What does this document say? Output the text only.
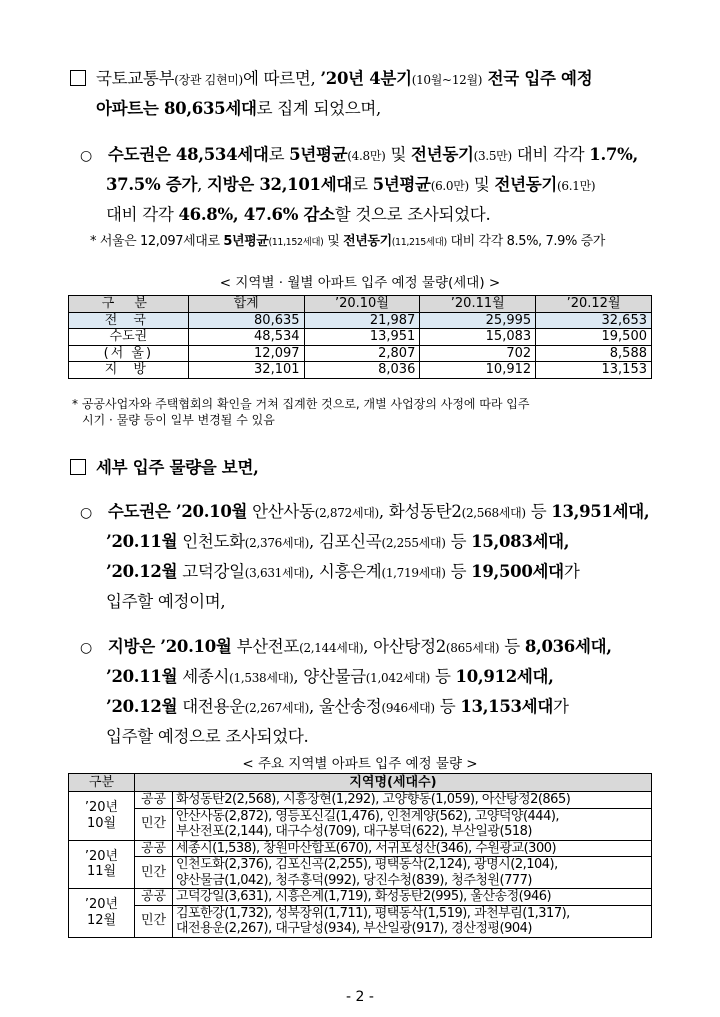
국토교통부(장관 김현미)에 따르면, ’20년 4분기(10월~12월) 전국 입주 예정
아파트는 80,635세대로 집계 되었으며,
○ 수도권은 48,534세대로 5년평균(4.8만) 및 전년동기(3.5만) 대비 각각 1.7%,
37.5% 증가, 지방은 32,101세대로 5년평균(6.0만) 및 전년동기(6.1만)
대비 각각 46.8%, 47.6% 감소할 것으로 조사되었다.
* 서울은 12,097세대로 5년평균(11,152세대) 및 전년동기(11,215세대) 대비 각각 8.5%, 7.9% 증가
< 지역별 · 월별 아파트 입주 예정 물량(세대) >
구 분	합계	’20.10월	’20.11월	’20.12월
전 국	80,635	21,987	25,995	32,653
수도권	48,534	13,951	15,083	19,500
(서 울)	12,097	2,807	702	8,588
지 방	32,101	8,036	10,912	13,153
* 공공사업자와 주택협회의 확인을 거쳐 집계한 것으로, 개별 사업장의 사정에 따라 입주
시기 · 물량 등이 일부 변경될 수 있음
세부 입주 물량을 보면,
○ 수도권은 ’20.10월 안산사동(2,872세대), 화성동탄2(2,568세대) 등 13,951세대,
’20.11월 인천도화(2,376세대), 김포신곡(2,255세대) 등 15,083세대,
’20.12월 고덕강일(3,631세대), 시흥은계(1,719세대) 등 19,500세대가
입주할 예정이며,
○ 지방은 ’20.10월 부산전포(2,144세대), 아산탕정2(865세대) 등 8,036세대,
’20.11월 세종시(1,538세대), 양산물금(1,042세대) 등 10,912세대,
’20.12월 대전용운(2,267세대), 울산송정(946세대) 등 13,153세대가
입주할 예정으로 조사되었다.
< 주요 지역별 아파트 입주 예정 물량 >
구분	지역명(세대수)	

’20년
10월	공공	화성동탄2(2,568), 시흥장현(1,292), 고양향동(1,059), 아산탕정2(865)
	민간	안산사동(2,872), 영등포신길(1,476), 인천계양(562), 고양덕양(444),
부산전포(2,144), 대구수성(709), 대구봉덕(622), 부산일광(518)

’20년
11월	공공	세종시(1,538), 창원마산합포(670), 서귀포성산(346), 수원광교(300)
	민간	인천도화(2,376), 김포신곡(2,255), 평택동삭(2,124), 광명시(2,104),
양산물금(1,042), 청주흥덕(992), 당진수청(839), 청주청원(777)

’20년
12월	공공	고덕강일(3,631), 시흥은계(1,719), 화성동탄2(995), 울산송정(946)
	민간	김포한강(1,732), 성북장위(1,711), 평택동삭(1,519), 과천부림(1,317),
대전용운(2,267), 대구달성(934), 부산일광(917), 경산정평(904)
- 2 -
